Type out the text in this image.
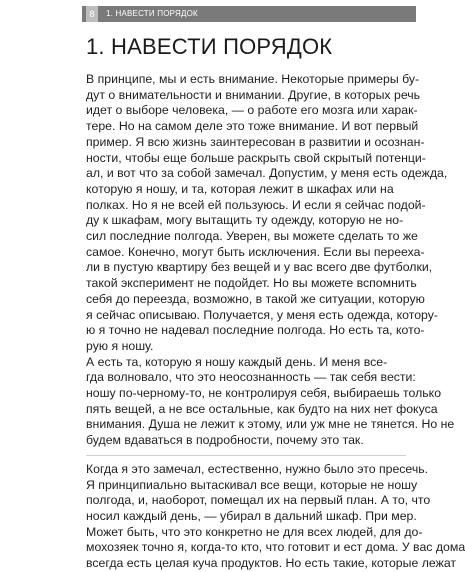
8	1. НАВЕСТИ ПОРЯДОК
1. НАВЕСТИ ПОРЯДОК
В принципе, мы и есть внимание. Некоторые примеры бу-
дут о внимательности и внимании. Другие, в которых речь
идет о выборе человека, — о работе его мозга или харак-
тере. Но на самом деле это тоже внимание. И вот первый
пример. Я всю жизнь заинтересован в развитии и осознан-
ности, чтобы еще больше раскрыть свой скрытый потенци-
ал, и вот что за собой замечал. Допустим, у меня есть одежда,
которую я ношу, и та, которая лежит в шкафах или на
полках. Но я не всей ей пользуюсь. И если я сейчас подой-
ду к шкафам, могу вытащить ту одежду, которую не но-
сил последние полгода. Уверен, вы можете сделать то же
самое. Конечно, могут быть исключения. Если вы перееха-
ли в пустую квартиру без вещей и у вас всего две футболки,
такой эксперимент не подойдет. Но вы можете вспомнить
себя до переезда, возможно, в такой же ситуации, которую
я сейчас описываю. Получается, у меня есть одежда, котору-
ю я точно не надевал последние полгода. Но есть та, кото-
рую я ношу.
А есть та, которую я ношу каждый день. И меня все-
гда волновало, что это неосознанность — так себя вести:
ношу по-черному-то, не контролируя себя, выбираешь только
пять вещей, а не все остальные, как будто на них нет фокуса
внимания. Душа не лежит к этому, или уж мне не тянется. Но не
будем вдаваться в подробности, почему это так.
Когда я это замечал, естественно, нужно было это пресечь.
Я принципиально вытаскивал все вещи, которые не ношу
полгода, и, наоборот, помещал их на первый план. А то, что
носил каждый день, — убирал в дальний шкаф. При мер.
Может быть, что это конкретно не для всех людей, для до-
мохозяек точно я, когда-то кто, что готовит и ест дома. У вас дома
всегда есть целая куча продуктов. Но есть такие, которые лежат
